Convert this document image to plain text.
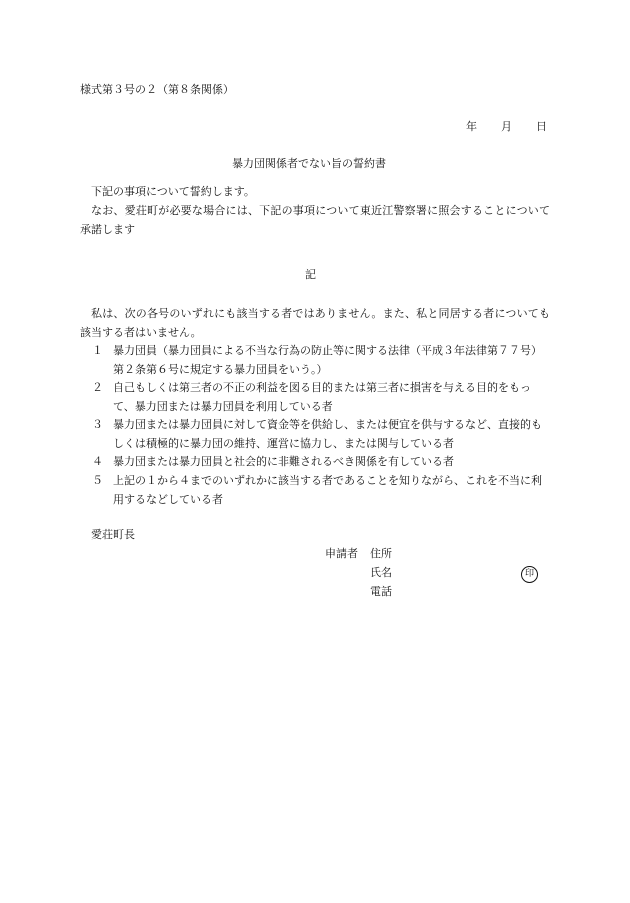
様式第３号の２（第８条関係）
年 月 日
暴力団関係者でない旨の誓約書
下記の事項について誓約します。
なお、愛荘町が必要な場合には、下記の事項について東近江警察署に照会することについて承諾します
記
私は、次の各号のいずれにも該当する者ではありません。また、私と同居する者についても該当する者はいません。
１ 暴力団員（暴力団員による不当な行為の防止等に関する法律（平成３年法律第７７号）第２条第６号に規定する暴力団員をいう。）
２ 自己もしくは第三者の不正の利益を図る目的または第三者に損害を与える目的をもって、暴力団または暴力団員を利用している者
３ 暴力団または暴力団員に対して資金等を供給し、または便宜を供与するなど、直接的もしくは積極的に暴力団の維持、運営に協力し、または関与している者
４ 暴力団または暴力団員と社会的に非難されるべき関係を有している者
５ 上記の１から４までのいずれかに該当する者であることを知りながら、これを不当に利用するなどしている者
愛荘町長
申請者 住所
氏名	印
電話
